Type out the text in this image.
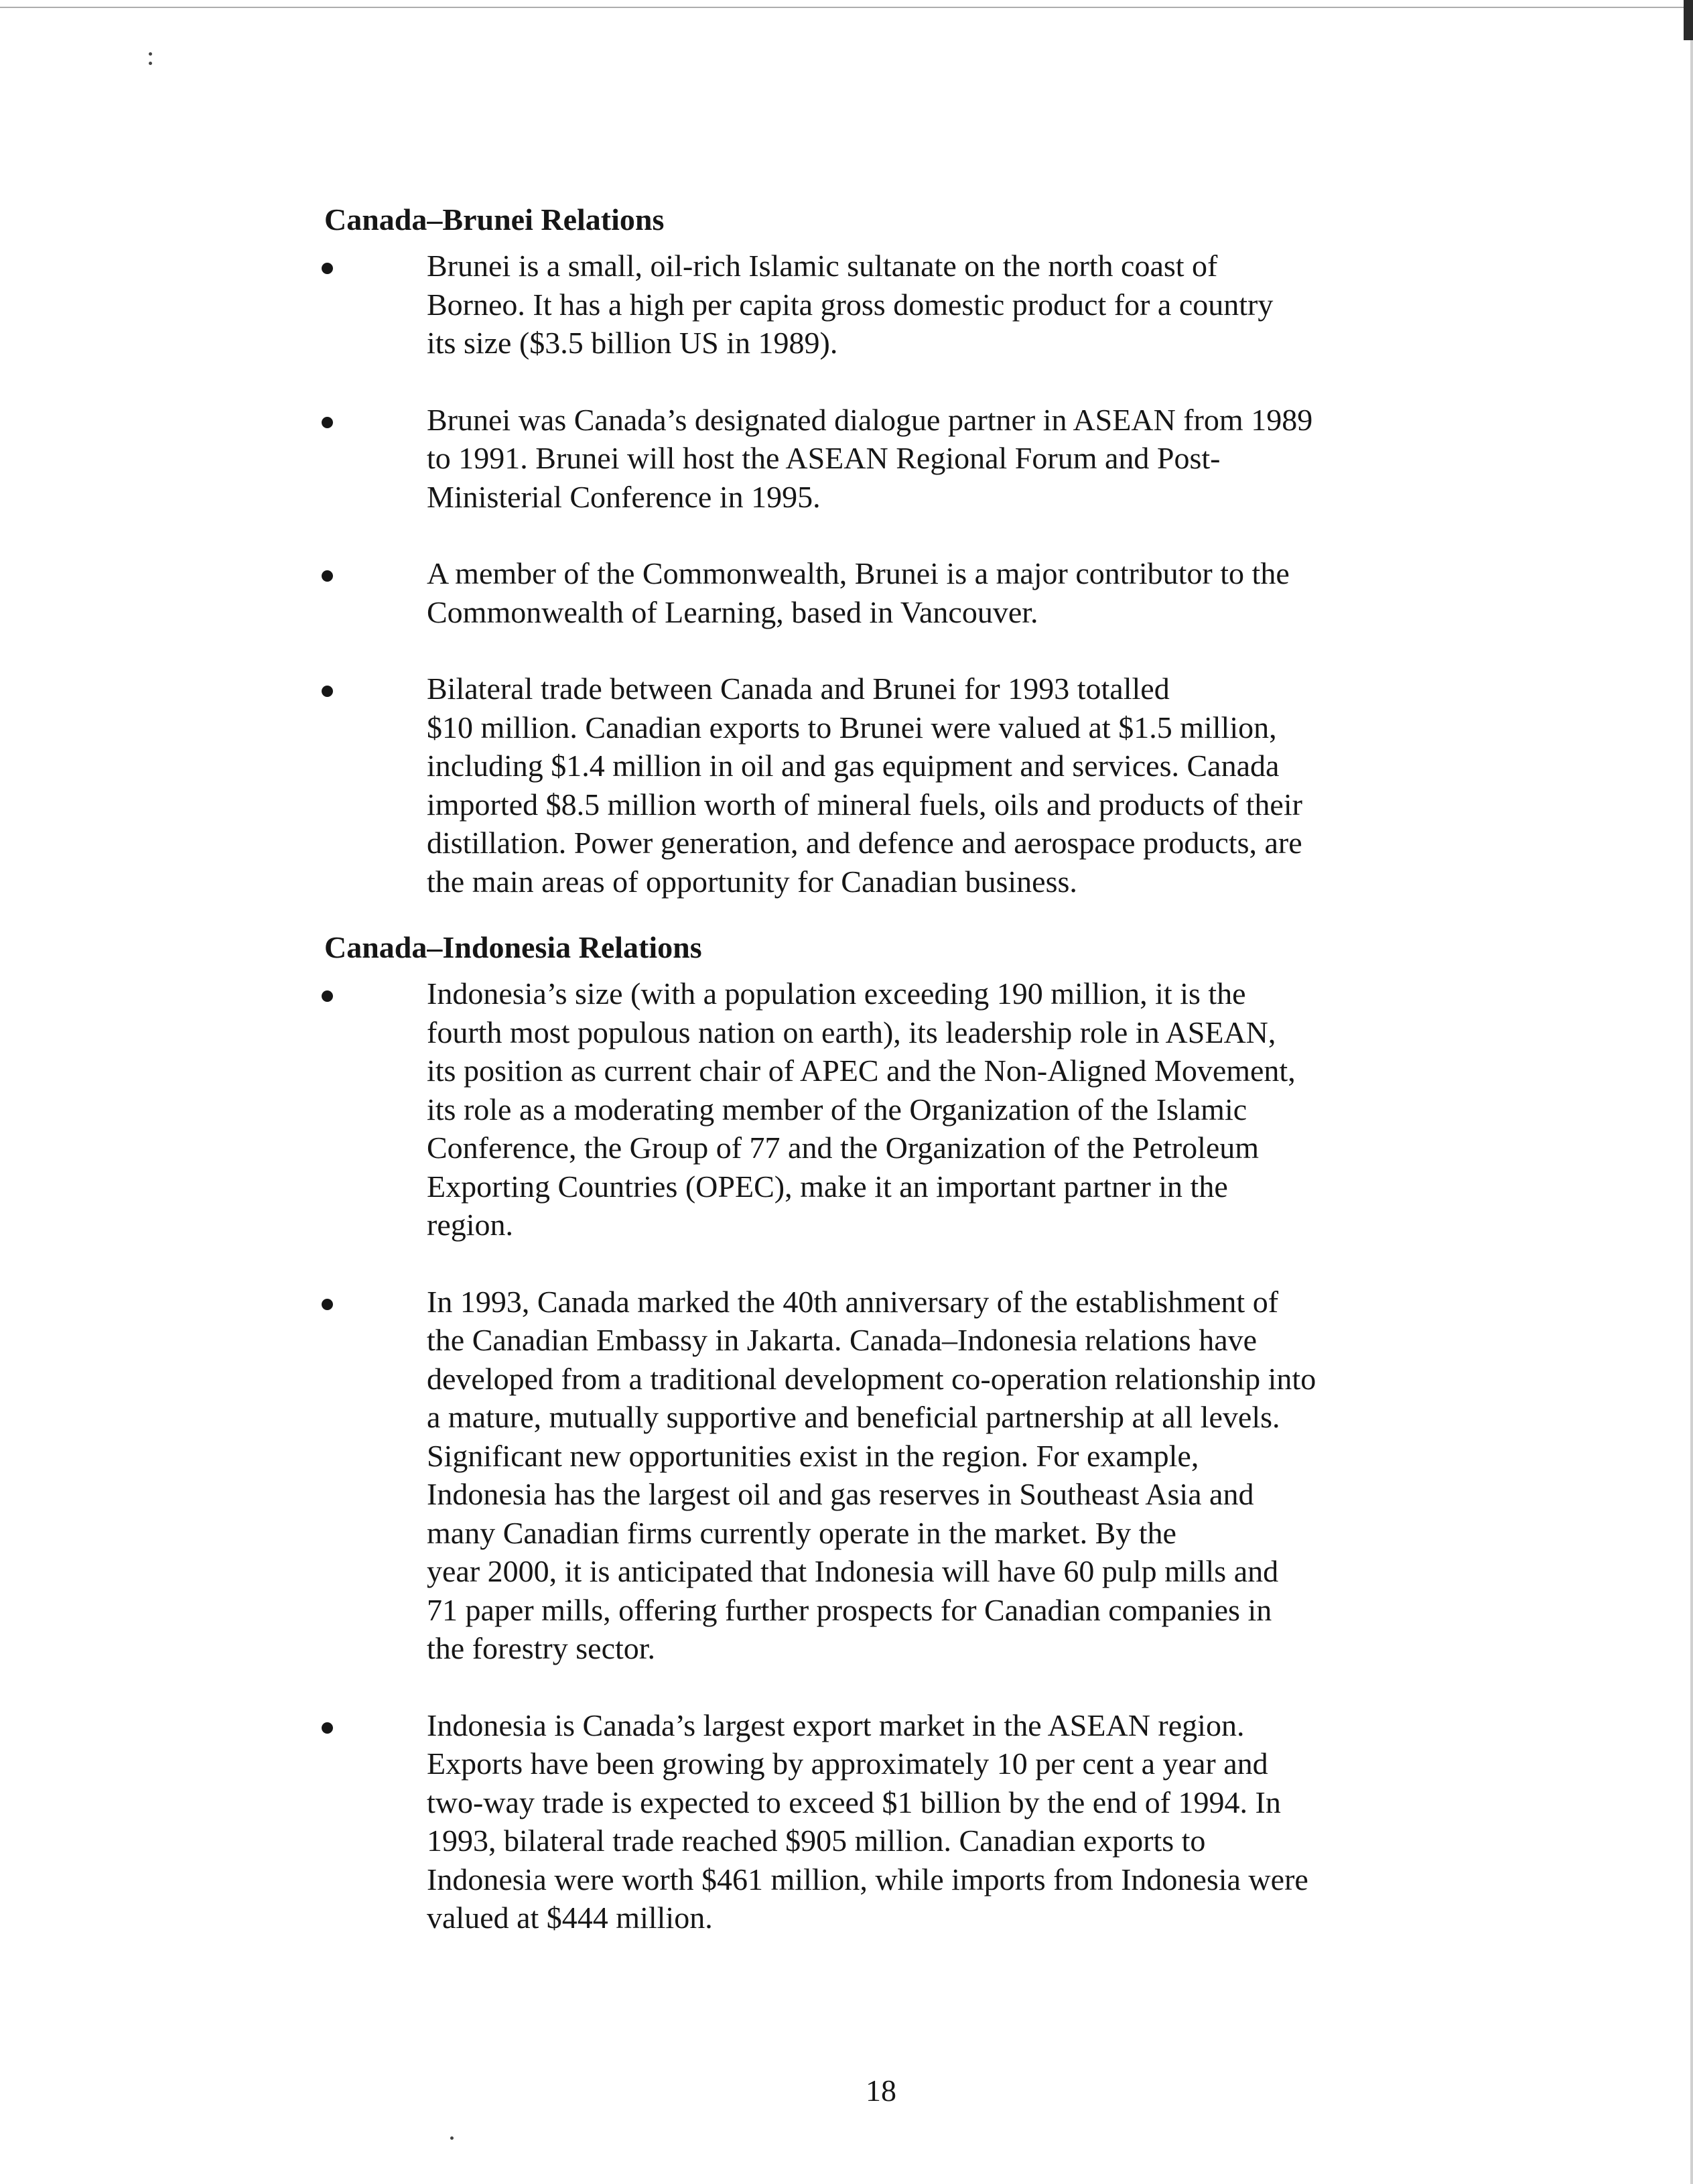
Canada–Brunei Relations
Brunei is a small, oil-rich Islamic sultanate on the north coast of
Borneo. It has a high per capita gross domestic product for a country
its size ($3.5 billion US in 1989).
Brunei was Canada’s designated dialogue partner in ASEAN from 1989
to 1991. Brunei will host the ASEAN Regional Forum and Post-
Ministerial Conference in 1995.
A member of the Commonwealth, Brunei is a major contributor to the
Commonwealth of Learning, based in Vancouver.
Bilateral trade between Canada and Brunei for 1993 totalled
$10 million. Canadian exports to Brunei were valued at $1.5 million,
including $1.4 million in oil and gas equipment and services. Canada
imported $8.5 million worth of mineral fuels, oils and products of their
distillation. Power generation, and defence and aerospace products, are
the main areas of opportunity for Canadian business.
Canada–Indonesia Relations
Indonesia’s size (with a population exceeding 190 million, it is the
fourth most populous nation on earth), its leadership role in ASEAN,
its position as current chair of APEC and the Non-Aligned Movement,
its role as a moderating member of the Organization of the Islamic
Conference, the Group of 77 and the Organization of the Petroleum
Exporting Countries (OPEC), make it an important partner in the
region.
In 1993, Canada marked the 40th anniversary of the establishment of
the Canadian Embassy in Jakarta. Canada–Indonesia relations have
developed from a traditional development co-operation relationship into
a mature, mutually supportive and beneficial partnership at all levels.
Significant new opportunities exist in the region. For example,
Indonesia has the largest oil and gas reserves in Southeast Asia and
many Canadian firms currently operate in the market. By the
year 2000, it is anticipated that Indonesia will have 60 pulp mills and
71 paper mills, offering further prospects for Canadian companies in
the forestry sector.
Indonesia is Canada’s largest export market in the ASEAN region.
Exports have been growing by approximately 10 per cent a year and
two-way trade is expected to exceed $1 billion by the end of 1994. In
1993, bilateral trade reached $905 million. Canadian exports to
Indonesia were worth $461 million, while imports from Indonesia were
valued at $444 million.
18
